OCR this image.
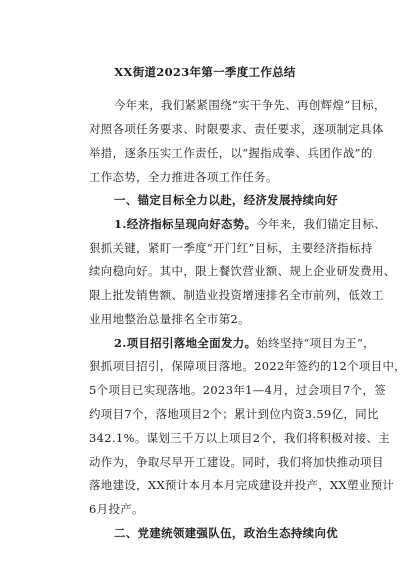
XX街道2023年第一季度工作总结
今年来，我们紧紧围绕“实干争先、再创辉煌”目标，
对照各项任务要求、时限要求、责任要求，逐项制定具体
举措，逐条压实工作责任，以“握指成拳、兵团作战”的
工作态势，全力推进各项工作任务。
一、锚定目标全力以赴，经济发展持续向好
1.经济指标呈现向好态势。今年来，我们锚定目标、
狠抓关键，紧盯一季度“开门红”目标，主要经济指标持
续向稳向好。其中，限上餐饮营业额、规上企业研发费用、
限上批发销售额、制造业投资增速排名全市前列，低效工
业用地整治总量排名全市第2。
2.项目招引落地全面发力。始终坚持“项目为王”，
狠抓项目招引，保障项目落地。2022年签约的12个项目中，
5个项目已实现落地。2023年1—4月，过会项目7个，签
约项目7个，落地项目2个；累计到位内资3.59亿，同比
342.1%。谋划三千万以上项目2个，我们将积极对接、主
动作为，争取尽早开工建设。同时，我们将加快推动项目
落地建设，XX预计本月本月完成建设并投产，XX塑业预计
6月投产。
二、党建统领建强队伍，政治生态持续向优
